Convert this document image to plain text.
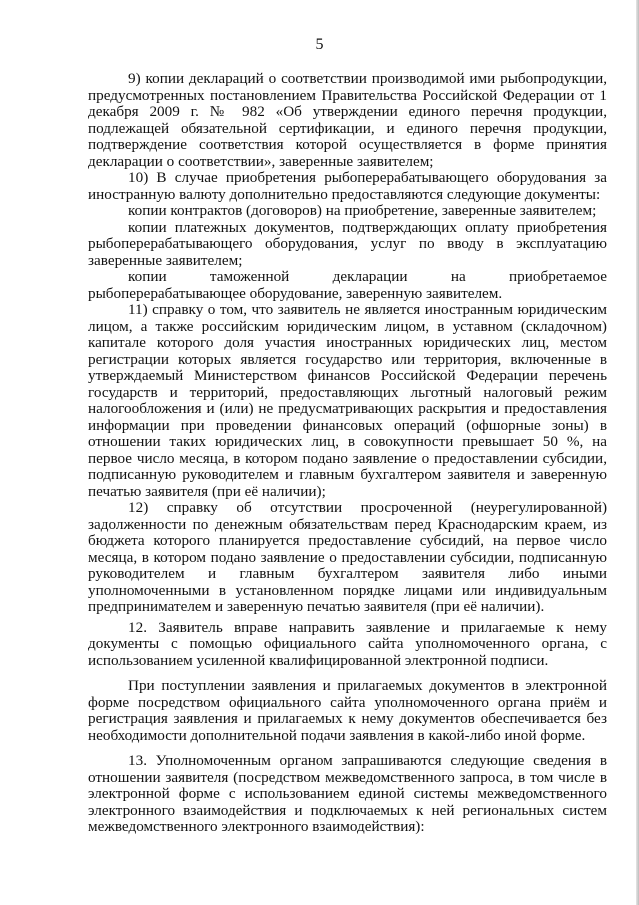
5

9) копии деклараций о соответствии производимой ими рыбопродукции, предусмотренных постановлением Правительства Российской Федерации от 1 декабря 2009 г. № 982 «Об утверждении единого перечня продукции, подлежащей обязательной сертификации, и единого перечня продукции, подтверждение соответствия которой осуществляется в форме принятия декларации о соответствии», заверенные заявителем;

10) В случае приобретения рыбоперерабатывающего оборудования за иностранную валюту дополнительно предоставляются следующие документы:

копии контрактов (договоров) на приобретение, заверенные заявителем;

копии платежных документов, подтверждающих оплату приобретения рыбоперерабатывающего оборудования, услуг по вводу в эксплуатацию заверенные заявителем;

копии таможенной декларации на приобретаемое рыбоперерабатывающее оборудование, заверенную заявителем.

11) справку о том, что заявитель не является иностранным юридическим лицом, а также российским юридическим лицом, в уставном (складочном) капитале которого доля участия иностранных юридических лиц, местом регистрации которых является государство или территория, включенные в утверждаемый Министерством финансов Российской Федерации перечень государств и территорий, предоставляющих льготный налоговый режим налогообложения и (или) не предусматривающих раскрытия и предоставления информации при проведении финансовых операций (офшорные зоны) в отношении таких юридических лиц, в совокупности превышает 50 %, на первое число месяца, в котором подано заявление о предоставлении субсидии, подписанную руководителем и главным бухгалтером заявителя и заверенную печатью заявителя (при её наличии);

12) справку об отсутствии просроченной (неурегулированной) задолженности по денежным обязательствам перед Краснодарским краем, из бюджета которого планируется предоставление субсидий, на первое число месяца, в котором подано заявление о предоставлении субсидии, подписанную руководителем и главным бухгалтером заявителя либо иными уполномоченными в установленном порядке лицами или индивидуальным предпринимателем и заверенную печатью заявителя (при её наличии).

12. Заявитель вправе направить заявление и прилагаемые к нему документы с помощью официального сайта уполномоченного органа, с использованием усиленной квалифицированной электронной подписи.

При поступлении заявления и прилагаемых документов в электронной форме посредством официального сайта уполномоченного органа приём и регистрация заявления и прилагаемых к нему документов обеспечивается без необходимости дополнительной подачи заявления в какой-либо иной форме.

13. Уполномоченным органом запрашиваются следующие сведения в отношении заявителя (посредством межведомственного запроса, в том числе в электронной форме с использованием единой системы межведомственного электронного взаимодействия и подключаемых к ней региональных систем межведомственного электронного взаимодействия):
